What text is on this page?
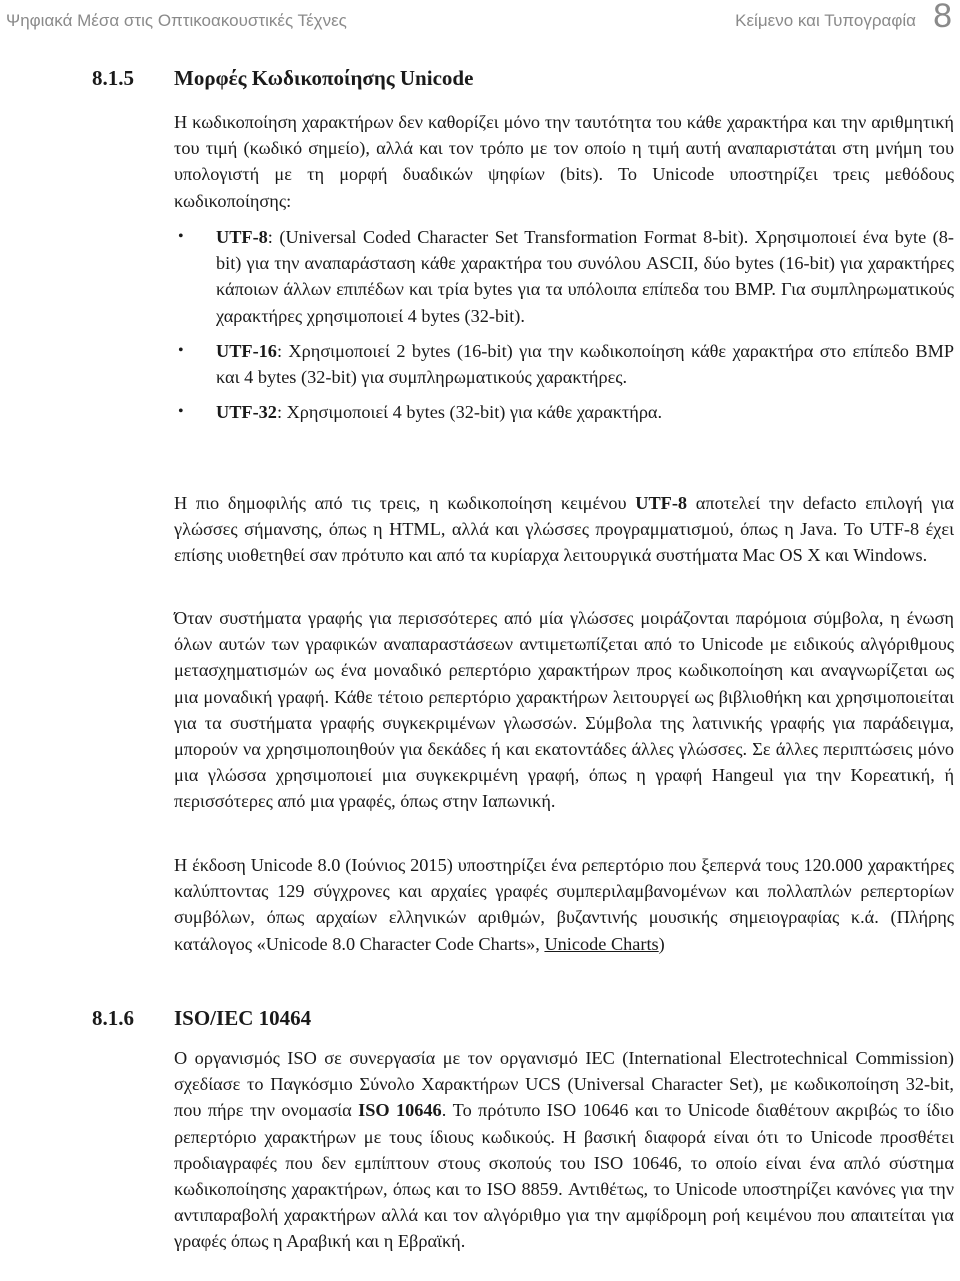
Ψηφιακά Μέσα στις Οπτικοακουστικές Τέχνες	Κείμενο και Τυπογραφία 8
8.1.5 Μορφές Κωδικοποίησης Unicode

Η κωδικοποίηση χαρακτήρων δεν καθορίζει μόνο την ταυτότητα του κάθε χαρακτήρα και την αριθμητική του τιμή (κωδικό σημείο), αλλά και τον τρόπο με τον οποίο η τιμή αυτή αναπαριστάται στη μνήμη του υπολογιστή με τη μορφή δυαδικών ψηφίων (bits). Το Unicode υποστηρίζει τρεις μεθόδους κωδικοποίησης:

• UTF-8: (Universal Coded Character Set Transformation Format 8-bit). Χρησιμοποιεί ένα byte (8-bit) για την αναπαράσταση κάθε χαρακτήρα του συνόλου ASCII, δύο bytes (16-bit) για χαρακτήρες κάποιων άλλων επιπέδων και τρία bytes για τα υπόλοιπα επίπεδα του BMP. Για συμπληρωματικούς χαρακτήρες χρησιμοποιεί 4 bytes (32-bit).
• UTF-16: Χρησιμοποιεί 2 bytes (16-bit) για την κωδικοποίηση κάθε χαρακτήρα στο επίπεδο BMP και 4 bytes (32-bit) για συμπληρωματικούς χαρακτήρες.
• UTF-32: Χρησιμοποιεί 4 bytes (32-bit) για κάθε χαρακτήρα.

Η πιο δημοφιλής από τις τρεις, η κωδικοποίηση κειμένου UTF-8 αποτελεί την defacto επιλογή για γλώσσες σήμανσης, όπως η HTML, αλλά και γλώσσες προγραμματισμού, όπως η Java. Το UTF-8 έχει επίσης υιοθετηθεί σαν πρότυπο και από τα κυρίαρχα λειτουργικά συστήματα Mac OS X και Windows.

Όταν συστήματα γραφής για περισσότερες από μία γλώσσες μοιράζονται παρόμοια σύμβολα, η ένωση όλων αυτών των γραφικών αναπαραστάσεων αντιμετωπίζεται από το Unicode με ειδικούς αλγόριθμους μετασχηματισμών ως ένα μοναδικό ρεπερτόριο χαρακτήρων προς κωδικοποίηση και αναγνωρίζεται ως μια μοναδική γραφή. Κάθε τέτοιο ρεπερτόριο χαρακτήρων λειτουργεί ως βιβλιοθήκη και χρησιμοποιείται για τα συστήματα γραφής συγκεκριμένων γλωσσών. Σύμβολα της λατινικής γραφής για παράδειγμα, μπορούν να χρησιμοποιηθούν για δεκάδες ή και εκατοντάδες άλλες γλώσσες. Σε άλλες περιπτώσεις μόνο μια γλώσσα χρησιμοποιεί μια συγκεκριμένη γραφή, όπως η γραφή Hangeul για την Κορεατική, ή περισσότερες από μια γραφές, όπως στην Ιαπωνική.

Η έκδοση Unicode 8.0 (Ιούνιος 2015) υποστηρίζει ένα ρεπερτόριο που ξεπερνά τους 120.000 χαρακτήρες καλύπτοντας 129 σύγχρονες και αρχαίες γραφές συμπεριλαμβανομένων και πολλαπλών ρεπερτορίων συμβόλων, όπως αρχαίων ελληνικών αριθμών, βυζαντινής μουσικής σημειογραφίας κ.ά. (Πλήρης κατάλογος «Unicode 8.0 Character Code Charts», Unicode Charts)

8.1.6 ISO/IEC 10464

Ο οργανισμός ISO σε συνεργασία με τον οργανισμό IEC (International Electrotechnical Commission) σχεδίασε το Παγκόσμιο Σύνολο Χαρακτήρων UCS (Universal Character Set), με κωδικοποίηση 32-bit, που πήρε την ονομασία ISO 10646. Το πρότυπο ISO 10646 και το Unicode διαθέτουν ακριβώς το ίδιο ρεπερτόριο χαρακτήρων με τους ίδιους κωδικούς. Η βασική διαφορά είναι ότι το Unicode προσθέτει προδιαγραφές που δεν εμπίπτουν στους σκοπούς του ISO 10646, το οποίο είναι ένα απλό σύστημα κωδικοποίησης χαρακτήρων, όπως και το ISO 8859. Αντιθέτως, το Unicode υποστηρίζει κανόνες για την αντιπαραβολή χαρακτήρων αλλά και τον αλγόριθμο για την αμφίδρομη ροή κειμένου που απαιτείται για γραφές όπως η Αραβική και η Εβραϊκή.
